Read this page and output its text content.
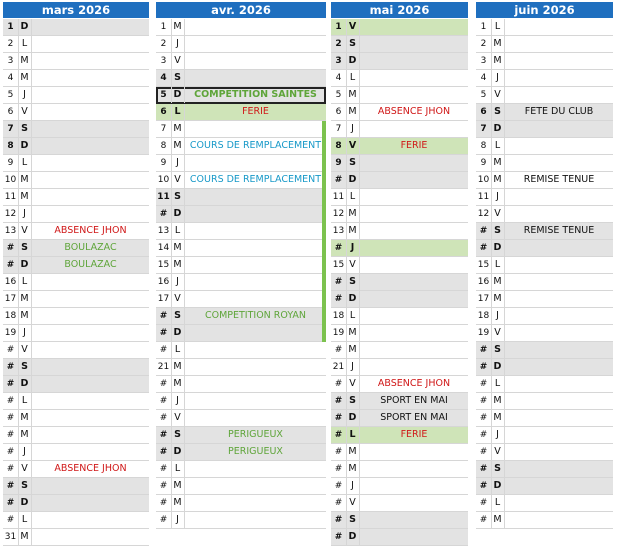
mars 2026
1 D
2 L
3 M
4 M
5	J
6 V
7 S
8 D
9 L
10 M
11 M
12 J
13 V	ABSENCE JHON
# S	BOULAZAC
# D	BOULAZAC
16 L
17 M
18 M
19 J
# V
# S
# D
# L
# M
# M
# J
# V	ABSENCE JHON
# S
# D
# L
31 M
avr. 2026
1 M
2	J
3 V
4 S
5 D	COMPETITION SAINTES
6 L	FERIE
7 M
8 M COURS DE REMPLACEMENT
9	J
10 V COURS DE REMPLACEMENT
11 S
# D
13 L
14 M
15 M
16 J
17 V
# S	COMPETITION ROYAN
# D
# L
21 M
# M
# J
# V
# S	PERIGUEUX
# D	PERIGUEUX
# L
# M
# M
# J
mai 2026
1 V
2 S
3 D
4 L
5 M
6 M	ABSENCE JHON
7	J
8 V	FERIE
9 S
# D
11 L
12 M
13 M
# J
15 V
# S
# D
18 L
19 M
# M
21 J
# V	ABSENCE JHON
# S	SPORT EN MAI
# D	SPORT EN MAI
# L	FERIE
# M
# M
# J
# V
# S
# D
juin 2026
1 L
2 M
3 M
4	J
5 V
6 S	FETE DU CLUB
7 D
8 L
9 M
10 M	REMISE TENUE
11 J
12 V
# S	REMISE TENUE
# D
15 L
16 M
17 M
18 J
19 V
# S
# D
# L
# M
# M
# J
# V
# S
# D
# L
# M
